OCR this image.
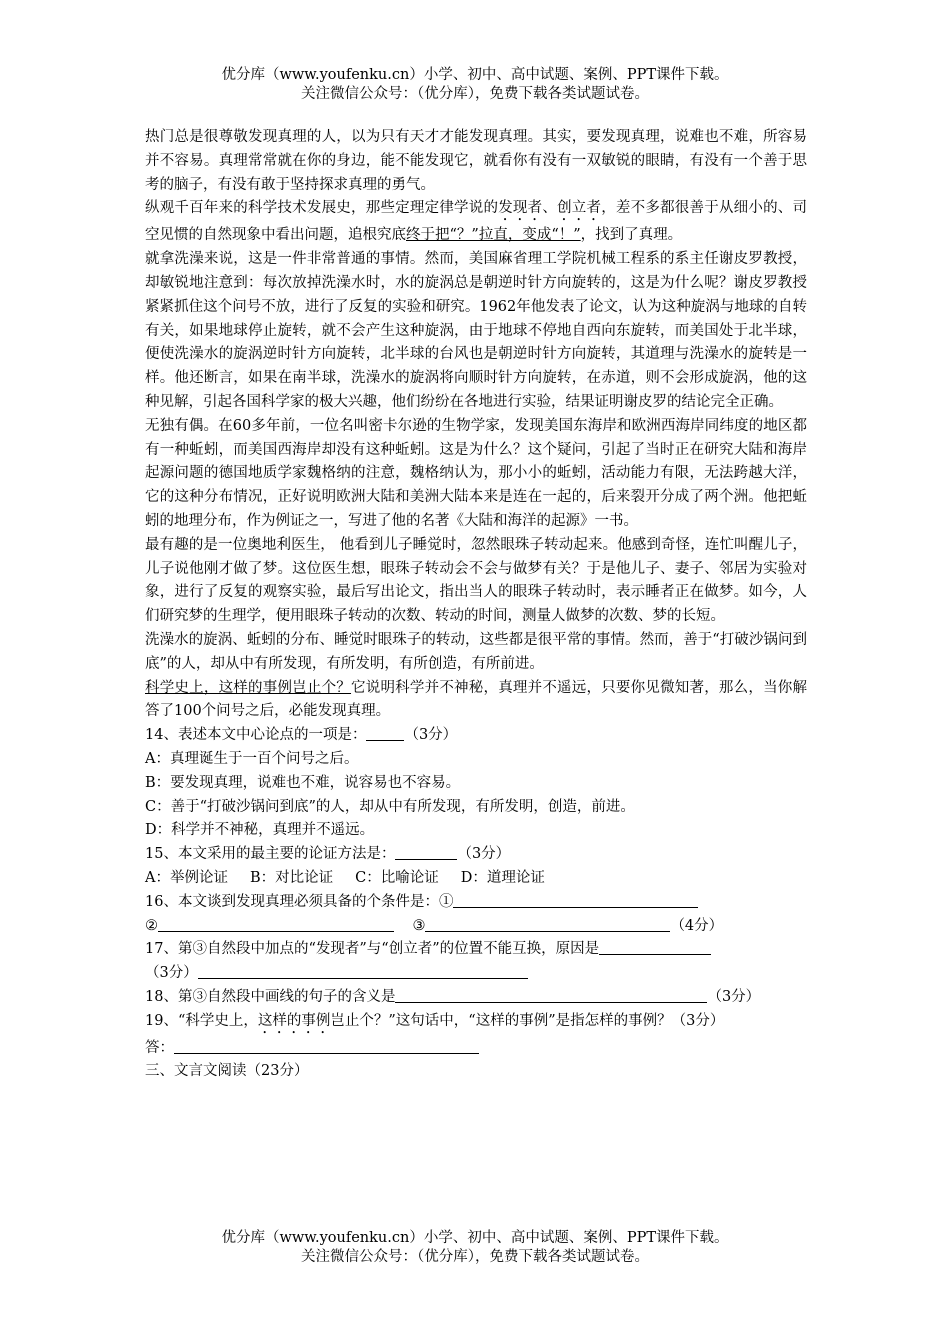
优分库（www.youfenku.cn）小学、初中、高中试题、案例、PPT课件下载。
关注微信公众号：（优分库），免费下载各类试题试卷。

热门总是很尊敬发现真理的人，以为只有天才才能发现真理。其实，要发现真理，说难也不难，所容易并不容易。真理常常就在你的身边，能不能发现它，就看你有没有一双敏锐的眼睛，有没有一个善于思考的脑子，有没有敢于坚持探求真理的勇气。

纵观千百年来的科学技术发展史，那些定理定律学说的发现者、创立者，差不多都很善于从细小的、司空见惯的自然现象中看出问题，追根究底终于把“？”拉直，变成“！”，找到了真理。

就拿洗澡来说，这是一件非常普通的事情。然而，美国麻省理工学院机械工程系的系主任谢皮罗教授，却敏锐地注意到：每次放掉洗澡水时，水的旋涡总是朝逆时针方向旋转的，这是为什么呢？谢皮罗教授紧紧抓住这个问号不放，进行了反复的实验和研究。1962年他发表了论文，认为这种旋涡与地球的自转有关，如果地球停止旋转，就不会产生这种旋涡，由于地球不停地自西向东旋转，而美国处于北半球，便使洗澡水的旋涡逆时针方向旋转，北半球的台风也是朝逆时针方向旋转，其道理与洗澡水的旋转是一样。他还断言，如果在南半球，洗澡水的旋涡将向顺时针方向旋转，在赤道，则不会形成旋涡，他的这种见解，引起各国科学家的极大兴趣，他们纷纷在各地进行实验，结果证明谢皮罗的结论完全正确。

无独有偶。在60多年前，一位名叫密卡尔逊的生物学家，发现美国东海岸和欧洲西海岸同纬度的地区都有一种蚯蚓，而美国西海岸却没有这种蚯蚓。这是为什么？这个疑问，引起了当时正在研究大陆和海岸起源问题的德国地质学家魏格纳的注意，魏格纳认为，那小小的蚯蚓，活动能力有限，无法跨越大洋，它的这种分布情况，正好说明欧洲大陆和美洲大陆本来是连在一起的，后来裂开分成了两个洲。他把蚯蚓的地理分布，作为例证之一，写进了他的名著《大陆和海洋的起源》一书。

最有趣的是一位奥地利医生， 他看到儿子睡觉时，忽然眼珠子转动起来。他感到奇怪，连忙叫醒儿子，儿子说他刚才做了梦。这位医生想，眼珠子转动会不会与做梦有关？于是他儿子、妻子、邻居为实验对象，进行了反复的观察实验，最后写出论文，指出当人的眼珠子转动时，表示睡者正在做梦。如今，人们研究梦的生理学，便用眼珠子转动的次数、转动的时间，测量人做梦的次数、梦的长短。

洗澡水的旋涡、蚯蚓的分布、睡觉时眼珠子的转动，这些都是很平常的事情。然而，善于“打破沙锅问到底”的人，却从中有所发现，有所发明，有所创造，有所前进。

科学史上，这样的事例岂止个？它说明科学并不神秘，真理并不遥远，只要你见微知著，那么，当你解答了100个问号之后，必能发现真理。

14、表述本文中心论点的一项是：	（3分）

A：真理诞生于一百个问号之后。

B：要发现真理，说难也不难，说容易也不容易。

C：善于“打破沙锅问到底”的人，却从中有所发现，有所发明，创造，前进。

D：科学并不神秘，真理并不遥远。

15、本文采用的最主要的论证方法是：	（3分）

A：举例论证 B：对比论证 C：比喻论证 D：道理论证

16、本文谈到发现真理必须具备的个条件是：①

②	③	（4分）

17、第③自然段中加点的“发现者”与“创立者”的位置不能互换，原因是

（3分）

18、第③自然段中画线的句子的含义是	（3分）

19、“科学史上，这样的事例岂止个？”这句话中，“这样的事例”是指怎样的事例？（3分）

答：

三、文言文阅读（23分）

优分库（www.youfenku.cn）小学、初中、高中试题、案例、PPT课件下载。
关注微信公众号：（优分库），免费下载各类试题试卷。
